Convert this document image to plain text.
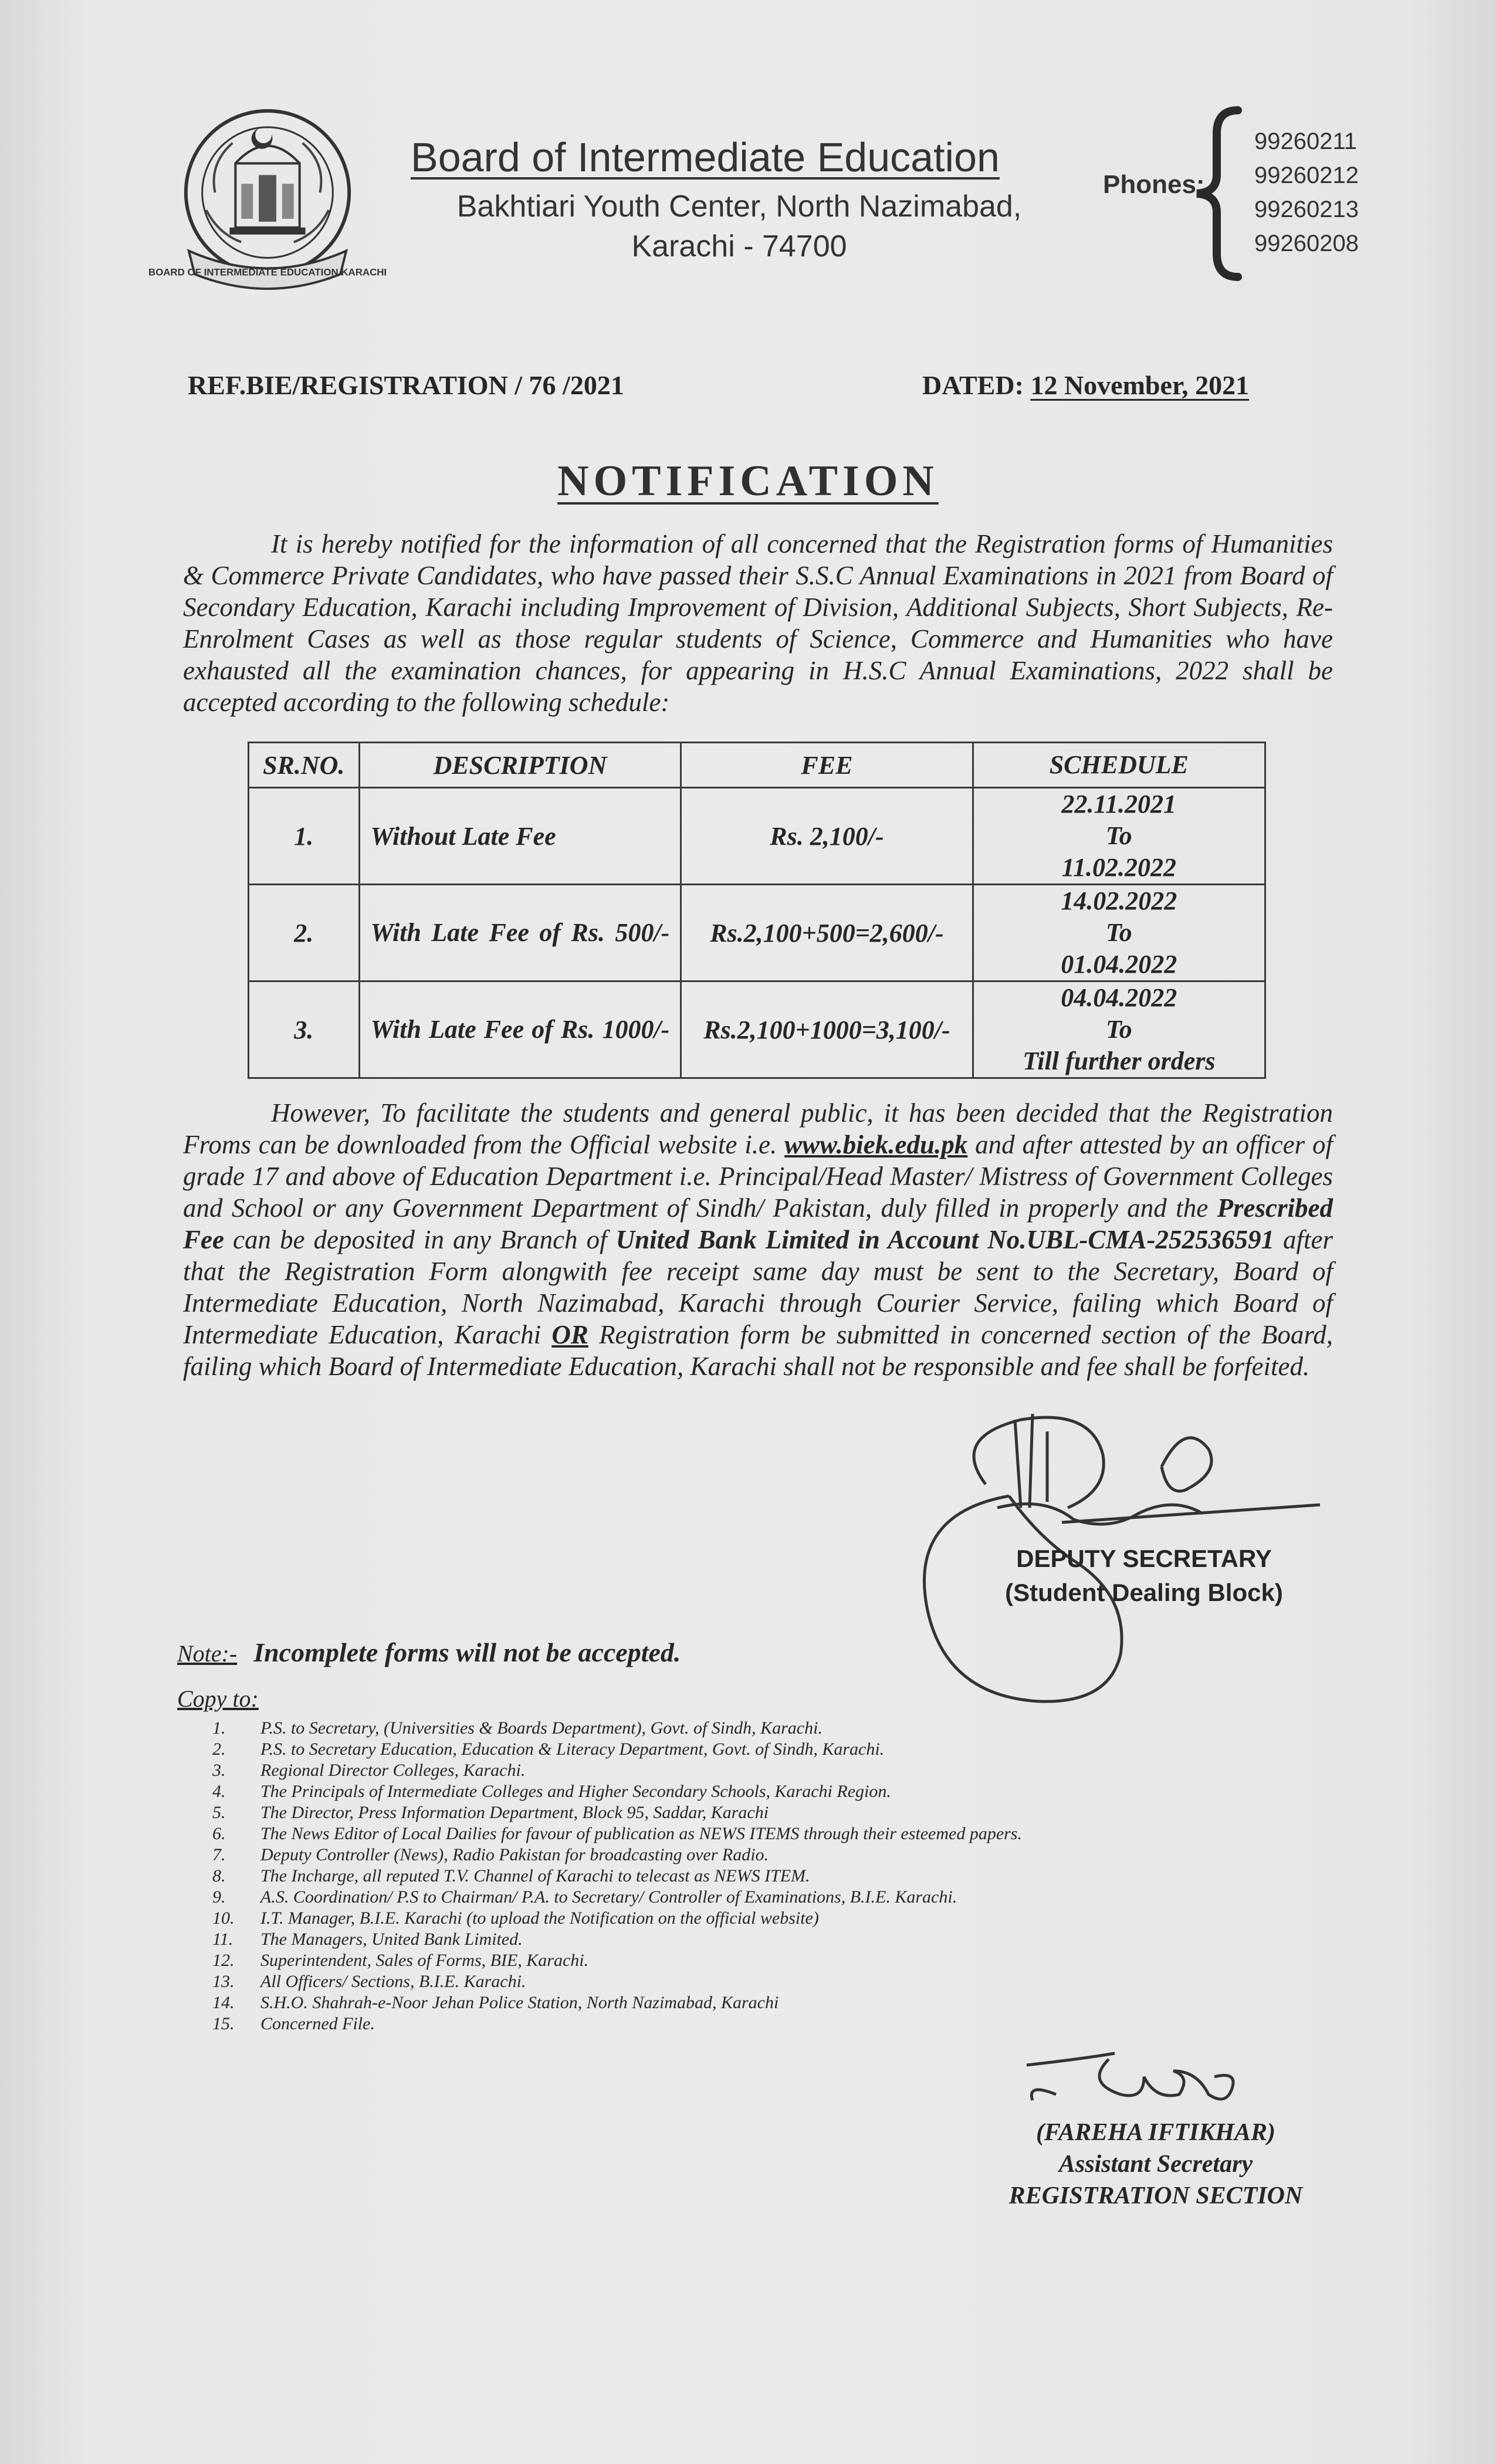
BOARD OF INTERMEDIATE EDUCATION KARACHI
Board of Intermediate Education
Bakhtiari Youth Center, North Nazimabad,
Karachi - 74700
Phones:
99260211
99260212
99260213
99260208
REF.BIE/REGISTRATION / 76 /2021	DATED: 12 November, 2021
NOTIFICATION

It is hereby notified for the information of all concerned that the Registration forms of Humanities & Commerce Private Candidates, who have passed their S.S.C Annual Examinations in 2021 from Board of Secondary Education, Karachi including Improvement of Division, Additional Subjects, Short Subjects, Re-Enrolment Cases as well as those regular students of Science, Commerce and Humanities who have exhausted all the examination chances, for appearing in H.S.C Annual Examinations, 2022 shall be accepted according to the following schedule:

SR.NO.	DESCRIPTION	FEE	SCHEDULE
1.	Without Late Fee	Rs. 2,100/-	22.11.2021
To
11.02.2022

2.	With Late Fee of Rs. 500/-	Rs.2,100+500=2,600/-	14.02.2022
To
01.04.2022

3.	With Late Fee of Rs. 1000/-	Rs.2,100+1000=3,100/-	04.04.2022
To
Till further orders

However, To facilitate the students and general public, it has been decided that the Registration Froms can be downloaded from the Official website i.e. www.biek.edu.pk and after attested by an officer of grade 17 and above of Education Department i.e. Principal/Head Master/ Mistress of Government Colleges and School or any Government Department of Sindh/ Pakistan, duly filled in properly and the Prescribed Fee can be deposited in any Branch of United Bank Limited in Account No.UBL-CMA-252536591 after that the Registration Form alongwith fee receipt same day must be sent to the Secretary, Board of Intermediate Education, North Nazimabad, Karachi through Courier Service, failing which Board of Intermediate Education, Karachi OR Registration form be submitted in concerned section of the Board, failing which Board of Intermediate Education, Karachi shall not be responsible and fee shall be forfeited.

DEPUTY SECRETARY
(Student Dealing Block)
Note:- Incomplete forms will not be accepted.
Copy to:
1.	P.S. to Secretary, (Universities & Boards Department), Govt. of Sindh, Karachi.
2.	P.S. to Secretary Education, Education & Literacy Department, Govt. of Sindh, Karachi.
3.	Regional Director Colleges, Karachi.
4.	The Principals of Intermediate Colleges and Higher Secondary Schools, Karachi Region.
5.	The Director, Press Information Department, Block 95, Saddar, Karachi
6.	The News Editor of Local Dailies for favour of publication as NEWS ITEMS through their esteemed papers.
7.	Deputy Controller (News), Radio Pakistan for broadcasting over Radio.
8.	The Incharge, all reputed T.V. Channel of Karachi to telecast as NEWS ITEM.
9.	A.S. Coordination/ P.S to Chairman/ P.A. to Secretary/ Controller of Examinations, B.I.E. Karachi.
10.	I.T. Manager, B.I.E. Karachi (to upload the Notification on the official website)
11.	The Managers, United Bank Limited.
12.	Superintendent, Sales of Forms, BIE, Karachi.
13.	All Officers/ Sections, B.I.E. Karachi.
14.	S.H.O. Shahrah-e-Noor Jehan Police Station, North Nazimabad, Karachi
15.	Concerned File.
(FAREHA IFTIKHAR)
Assistant Secretary
REGISTRATION SECTION
